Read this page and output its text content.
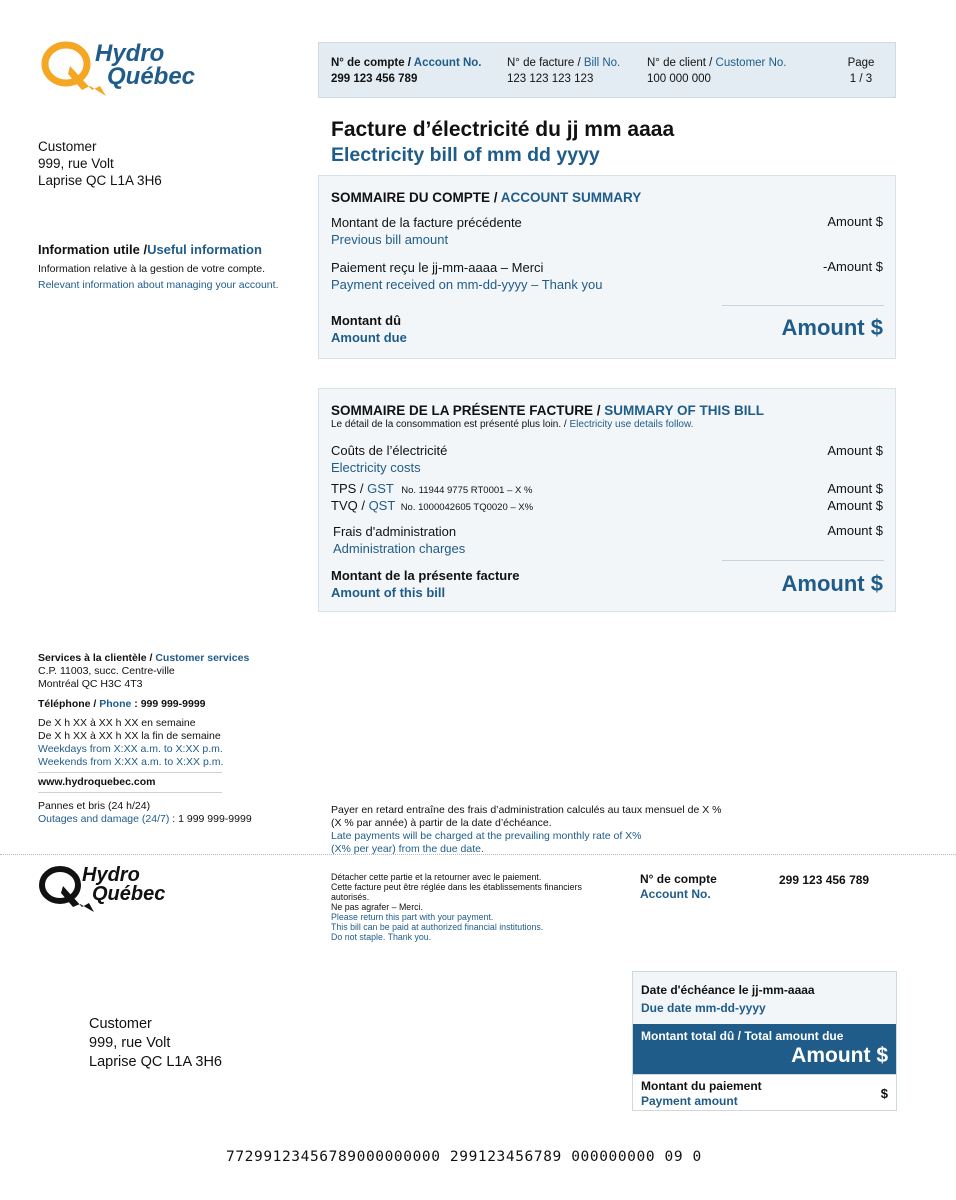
Hydro
Québec	N° de compte / Account No.
299 123 456 789
N° de facture / Bill No.
123 123 123 123
N° de client / Customer No.
100 000 000
Page
1 / 3
Facture d’électricité du jj mm aaaa
Electricity bill of mm dd yyyy
Customer
999, rue Volt
Laprise QC L1A 3H6
Information utile /Useful information
Information relative à la gestion de votre compte.
Relevant information about managing your account.
SOMMAIRE DU COMPTE / ACCOUNT SUMMARY
Montant de la facture précédente
Previous bill amount
Amount $
Paiement reçu le jj-mm-aaaa – Merci
Payment received on mm-dd-yyyy – Thank you
-Amount $
Montant dû
Amount due	Amount $
SOMMAIRE DE LA PRÉSENTE FACTURE / SUMMARY OF THIS BILL
Le détail de la consommation est présenté plus loin. / Electricity use details follow.
Coûts de l’électricité
Electricity costs
Amount $
TPS / GST No. 11944 9775 RT0001 – X %	Amount $
TVQ / QST No. 1000042605 TQ0020 – X%	Amount $
Frais d'administration
Administration charges
Amount $
Montant de la présente facture
Amount of this bill	Amount $
Services à la clientèle / Customer services
C.P. 11003, succ. Centre-ville
Montréal QC H3C 4T3
Téléphone / Phone : 999 999-9999
De X h XX à XX h XX en semaine
De X h XX à XX h XX la fin de semaine
Weekdays from X:XX a.m. to X:XX p.m.
Weekends from X:XX a.m. to X:XX p.m.
www.hydroquebec.com
Pannes et bris (24 h/24)
Outages and damage (24/7) : 1 999 999-9999
Payer en retard entraîne des frais d’administration calculés au taux mensuel de X %
(X % par année) à partir de la date d’échéance.
Late payments will be charged at the prevailing monthly rate of X%
(X% per year) from the due date.
Hydro
Québec
Détacher cette partie et la retourner avec le paiement.
Cette facture peut être réglée dans les établissements financiers autorisés.
Ne pas agrafer – Merci.
Please return this part with your payment.
This bill can be paid at authorized financial institutions.
Do not staple. Thank you.
N° de compte
Account No.
299 123 456 789
Customer
999, rue Volt
Laprise QC L1A 3H6
Date d'échéance le jj-mm-aaaa
Due date mm-dd-yyyy
Montant total dû / Total amount due
Amount $
Montant du paiement
Payment amount	$
77299123456789000000000 299123456789 000000000 09 0
